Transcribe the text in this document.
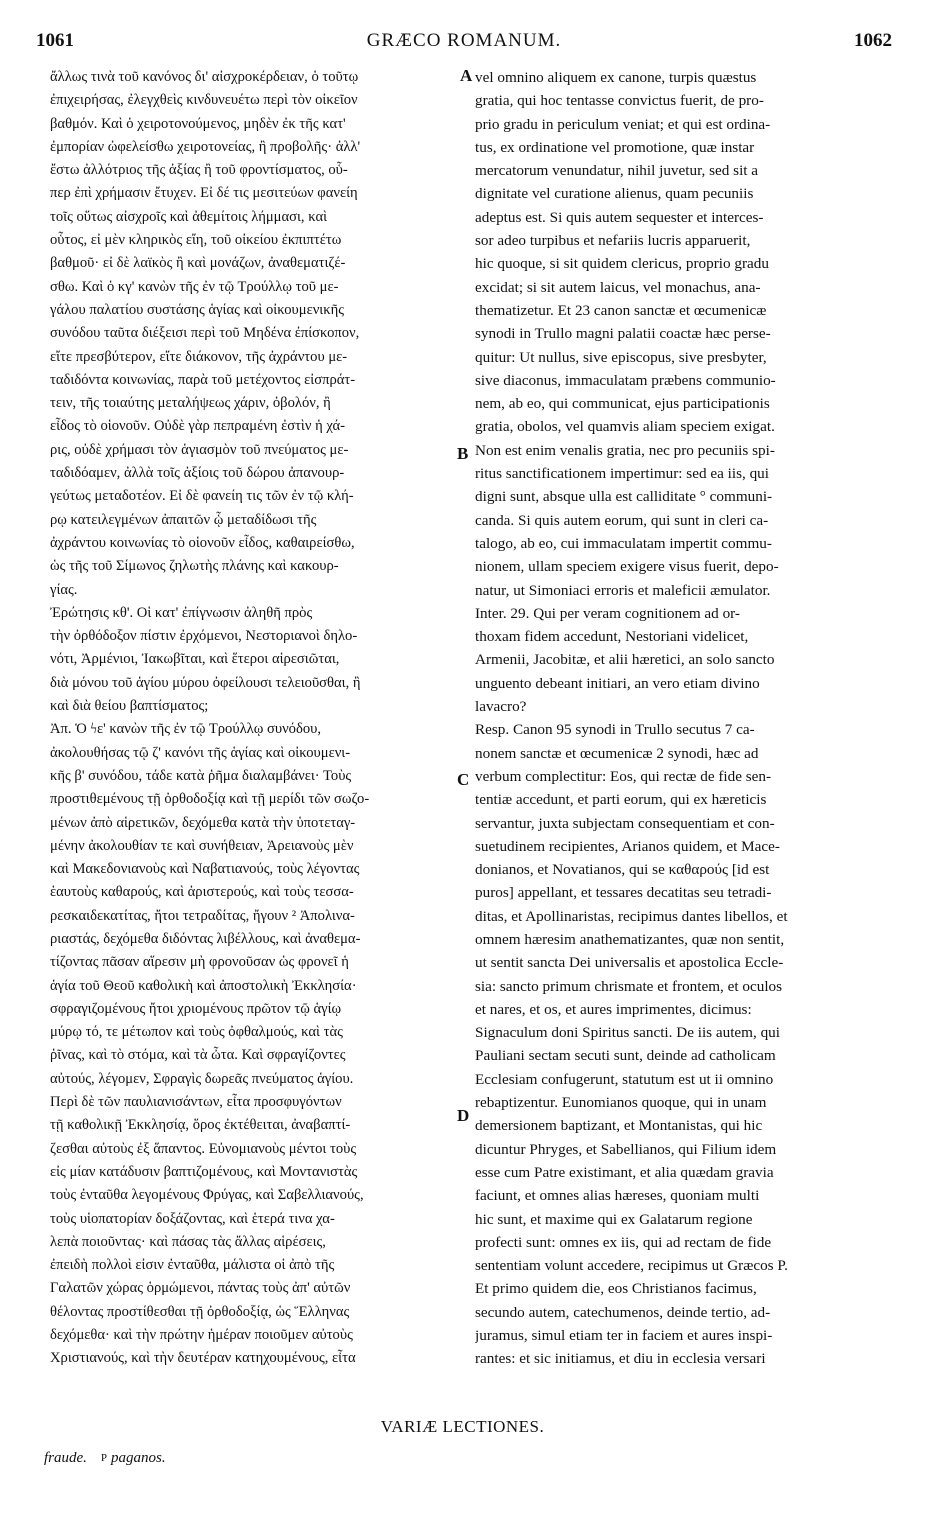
1061	GRÆCO ROMANUM.	1062
ἄλλως τινὰ τοῦ κανόνος δι' αἰσχροκέρδειαν, ὁ τοῦτῳ
ἐπιχειρήσας, ἐλεγχθεὶς κινδυνευέτω περὶ τὸν οἰκεῖον
βαθμόν. Καὶ ὁ χειροτονούμενος, μηδὲν ἐκ τῆς κατ'
ἐμπορίαν ὠφελείσθω χειροτονείας, ἢ προβολῆς· ἀλλ'
ἔστω ἀλλότριος τῆς ἀξίας ἢ τοῦ φροντίσματος, οὗ-
περ ἐπὶ χρήμασιν ἔτυχεν. Εἰ δέ τις μεσιτεύων φανείη
τοῖς οὕτως αἰσχροῖς καὶ ἀθεμίτοις λήμμασι, καὶ
οὗτος, εἰ μὲν κληρικὸς εἴη, τοῦ οἰκείου ἐκπιπτέτω
βαθμοῦ· εἰ δὲ λαϊκὸς ἢ καὶ μονάζων, ἀναθεματιζέ-
σθω. Καὶ ὁ κγ' κανὼν τῆς ἐν τῷ Τρούλλῳ τοῦ με-
γάλου παλατίου συστάσης ἁγίας καὶ οἰκουμενικῆς
συνόδου ταῦτα διέξεισι περὶ τοῦ Μηδένα ἐπίσκοπον,
εἴτε πρεσβύτερον, εἴτε διάκονον, τῆς ἀχράντου με-
ταδιδόντα κοινωνίας, παρὰ τοῦ μετέχοντος εἰσπράτ-
τειν, τῆς τοιαύτης μεταλήψεως χάριν, ὀβολόν, ἢ
εἶδος τὸ οἱονοῦν. Οὐδὲ γὰρ πεπραμένη ἐστὶν ἡ χά-
ρις, οὐδὲ χρήμασι τὸν ἁγιασμὸν τοῦ πνεύματος με-
ταδιδόαμεν, ἀλλὰ τοῖς ἀξίοις τοῦ δώρου ἀπανουρ-
γεύτως μεταδοτέον. Εἰ δὲ φανείη τις τῶν ἐν τῷ κλή-
ρῳ κατειλεγμένων ἀπαιτῶν ᾧ μεταδίδωσι τῆς
ἀχράντου κοινωνίας τὸ οἱονοῦν εἶδος, καθαιρείσθω,
ὡς τῆς τοῦ Σίμωνος ζηλωτὴς πλάνης καὶ κακουρ-
γίας.
Ἐρώτησις κθ'. Οἱ κατ' ἐπίγνωσιν ἀληθῆ πρὸς
τὴν ὀρθόδοξον πίστιν ἐρχόμενοι, Νεστοριανοὶ δηλο-
νότι, Ἀρμένιοι, Ἰακωβῖται, καὶ ἕτεροι αἱρεσιῶται,
διὰ μόνου τοῦ ἁγίου μύρου ὀφείλουσι τελειοῦσθαι, ἢ
καὶ διὰ θείου βαπτίσματος;
Ἀπ. Ὁ ϟε' κανὼν τῆς ἐν τῷ Τρούλλῳ συνόδου,
ἀκολουθήσας τῷ ζ' κανόνι τῆς ἁγίας καὶ οἰκουμενι-
κῆς β' συνόδου, τάδε κατὰ ῥῆμα διαλαμβάνει· Τοὺς
προστιθεμένους τῇ ὀρθοδοξίᾳ καὶ τῇ μερίδι τῶν σωζο-
μένων ἀπὸ αἱρετικῶν, δεχόμεθα κατὰ τὴν ὑποτεταγ-
μένην ἀκολουθίαν τε καὶ συνήθειαν, Ἀρειανοὺς μὲν
καὶ Μακεδονιανοὺς καὶ Ναβατιανούς, τοὺς λέγοντας
ἑαυτοὺς καθαρούς, καὶ ἀριστερούς, καὶ τοὺς τεσσα-
ρεσκαιδεκατίτας, ἤτοι τετραδίτας, ἤγουν ² Ἀπολινα-
ριαστάς, δεχόμεθα διδόντας λιβέλλους, καὶ ἀναθεμα-
τίζοντας πᾶσαν αἵρεσιν μὴ φρονοῦσαν ὡς φρονεῖ ἡ
ἁγία τοῦ Θεοῦ καθολικὴ καὶ ἀποστολικὴ Ἐκκλησία·
σφραγιζομένους ἤτοι χριομένους πρῶτον τῷ ἁγίῳ
μύρῳ τό, τε μέτωπον καὶ τοὺς ὀφθαλμούς, καὶ τὰς
ῥῖνας, καὶ τὸ στόμα, καὶ τὰ ὦτα. Καὶ σφραγίζοντες
αὐτούς, λέγομεν, Σφραγὶς δωρεᾶς πνεύματος ἁγίου.
Περὶ δὲ τῶν παυλιανισάντων, εἶτα προσφυγόντων
τῇ καθολικῇ Ἐκκλησίᾳ, ὅρος ἐκτέθειται, ἀναβαπτί-
ζεσθαι αὐτοὺς ἐξ ἅπαντος. Εὐνομιανοὺς μέντοι τοὺς
εἰς μίαν κατάδυσιν βαπτιζομένους, καὶ Μοντανιστὰς
τοὺς ἐνταῦθα λεγομένους Φρύγας, καὶ Σαβελλιανούς,
τοὺς υἱοπατορίαν δοξάζοντας, καὶ ἑτερά τινα χα-
λεπὰ ποιοῦντας· καὶ πάσας τὰς ἄλλας αἱρέσεις,
ἐπειδὴ πολλοὶ εἰσιν ἐνταῦθα, μάλιστα οἱ ἀπὸ τῆς
Γαλατῶν χώρας ὁρμώμενοι, πάντας τοὺς ἀπ' αὐτῶν
θέλοντας προστίθεσθαι τῇ ὀρθοδοξίᾳ, ὡς Ἕλληνας
δεχόμεθα· καὶ τὴν πρώτην ἡμέραν ποιοῦμεν αὐτοὺς
Χριστιανούς, καὶ τὴν δευτέραν κατηχουμένους, εἶτα
vel omnino aliquem ex canone, turpis quæstus
gratia, qui hoc tentasse convictus fuerit, de pro-
prio gradu in periculum veniat; et qui est ordina-
tus, ex ordinatione vel promotione, quæ instar
mercatorum venundatur, nihil juvetur, sed sit a
dignitate vel curatione alienus, quam pecuniis
adeptus est. Si quis autem sequester et interces-
sor adeo turpibus et nefariis lucris apparuerit,
hic quoque, si sit quidem clericus, proprio gradu
excidat; si sit autem laicus, vel monachus, ana-
thematizetur. Et 23 canon sanctæ et œcumenicæ
synodi in Trullo magni palatii coactæ hæc perse-
quitur: Ut nullus, sive episcopus, sive presbyter,
sive diaconus, immaculatam præbens communio-
nem, ab eo, qui communicat, ejus participationis
gratia, obolos, vel quamvis aliam speciem exigat.
Non est enim venalis gratia, nec pro pecuniis spi-
ritus sanctificationem impertimur: sed ea iis, qui
digni sunt, absque ulla est calliditate ° communi-
canda. Si quis autem eorum, qui sunt in cleri ca-
talogo, ab eo, cui immaculatam impertit commu-
nionem, ullam speciem exigere visus fuerit, depo-
natur, ut Simoniaci erroris et maleficii æmulator.
Inter. 29. Qui per veram cognitionem ad or-
thoxam fidem accedunt, Nestoriani videlicet,
Armenii, Jacobitæ, et alii hæretici, an solo sancto
unguento debeant initiari, an vero etiam divino
lavacro?
Resp. Canon 95 synodi in Trullo secutus 7 ca-
nonem sanctæ et œcumenicæ 2 synodi, hæc ad
verbum complectitur: Eos, qui rectæ de fide sen-
tentiæ accedunt, et parti eorum, qui ex hæreticis
servantur, juxta subjectam consequentiam et con-
suetudinem recipientes, Arianos quidem, et Mace-
donianos, et Novatianos, qui se καθαρούς [id est
puros] appellant, et tessares decatitas seu tetradi-
ditas, et Apollinaristas, recipimus dantes libellos, et
omnem hæresim anathematizantes, quæ non sentit,
ut sentit sancta Dei universalis et apostolica Eccle-
sia: sancto primum chrismate et frontem, et oculos
et nares, et os, et aures imprimentes, dicimus:
Signaculum doni Spiritus sancti. De iis autem, qui
Pauliani sectam secuti sunt, deinde ad catholicam
Ecclesiam confugerunt, statutum est ut ii omnino
rebaptizentur. Eunomianos quoque, qui in unam
demersionem baptizant, et Montanistas, qui hic
dicuntur Phryges, et Sabellianos, qui Filium idem
esse cum Patre existimant, et alia quædam gravia
faciunt, et omnes alias hæreses, quoniam multi
hic sunt, et maxime qui ex Galatarum regione
profecti sunt: omnes ex iis, qui ad rectam de fide
sententiam volunt accedere, recipimus ut Græcos P.
Et primo quidem die, eos Christianos facimus,
secundo autem, catechumenos, deinde tertio, ad-
juramus, simul etiam ter in faciem et aures inspi-
rantes: et sic initiamus, et diu in ecclesia versari
A
B
C
D
VARIÆ LECTIONES.
fraude. P paganos.
